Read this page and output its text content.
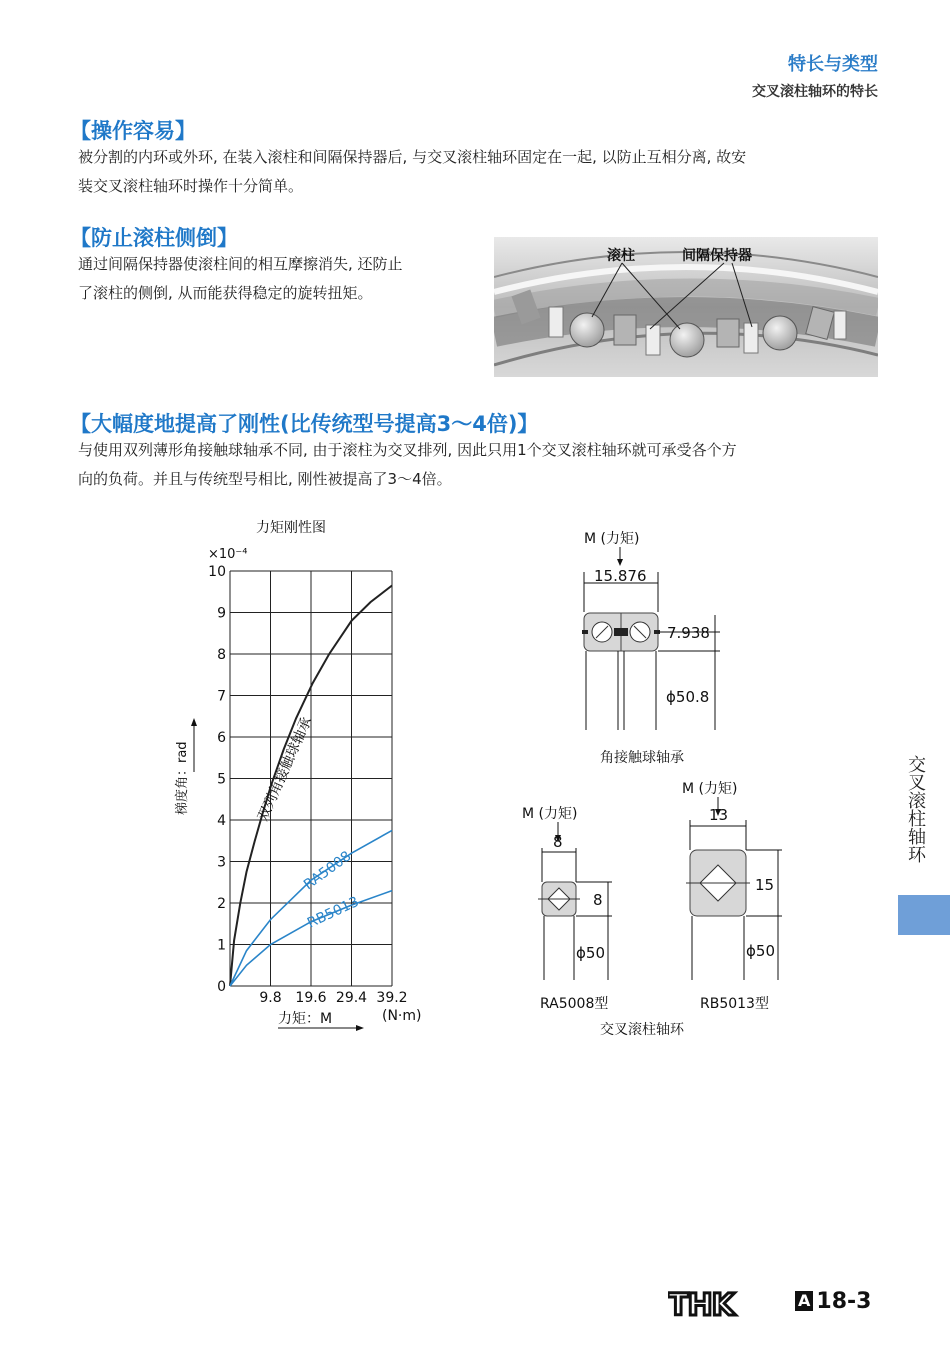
特长与类型
交叉滚柱轴环的特长
【操作容易】
被分割的内环或外环, 在装入滚柱和间隔保持器后, 与交叉滚柱轴环固定在一起, 以防止互相分离, 故安
装交叉滚柱轴环时操作十分简单。
【防止滚柱侧倒】
通过间隔保持器使滚柱间的相互摩擦消失, 还防止
了滚柱的侧倒, 从而能获得稳定的旋转扭矩。
滚柱	间隔保持器
【大幅度地提高了刚性(比传统型号提高3～4倍)】
与使用双列薄形角接触球轴承不同, 由于滚柱为交叉排列, 因此只用1个交叉滚柱轴环就可承受各个方
向的负荷。并且与传统型号相比, 刚性被提高了3～4倍。
力矩刚性图
×10⁻⁴
0
1
2
3
4
5
6
7
8
9
10
9.8 19.6 29.4 39.2
梯度角：rad
力矩：M	(N·m)
双列角接触球轴承
RA5008
RB5013
M (力矩)
15.876
7.938
ϕ50.8
角接触球轴承
M (力矩)
8
8
ϕ50
RA5008型
M (力矩)
13
15
ϕ50
RB5013型
交叉滚柱轴环
交叉滚柱轴环
THK	A 18-3
